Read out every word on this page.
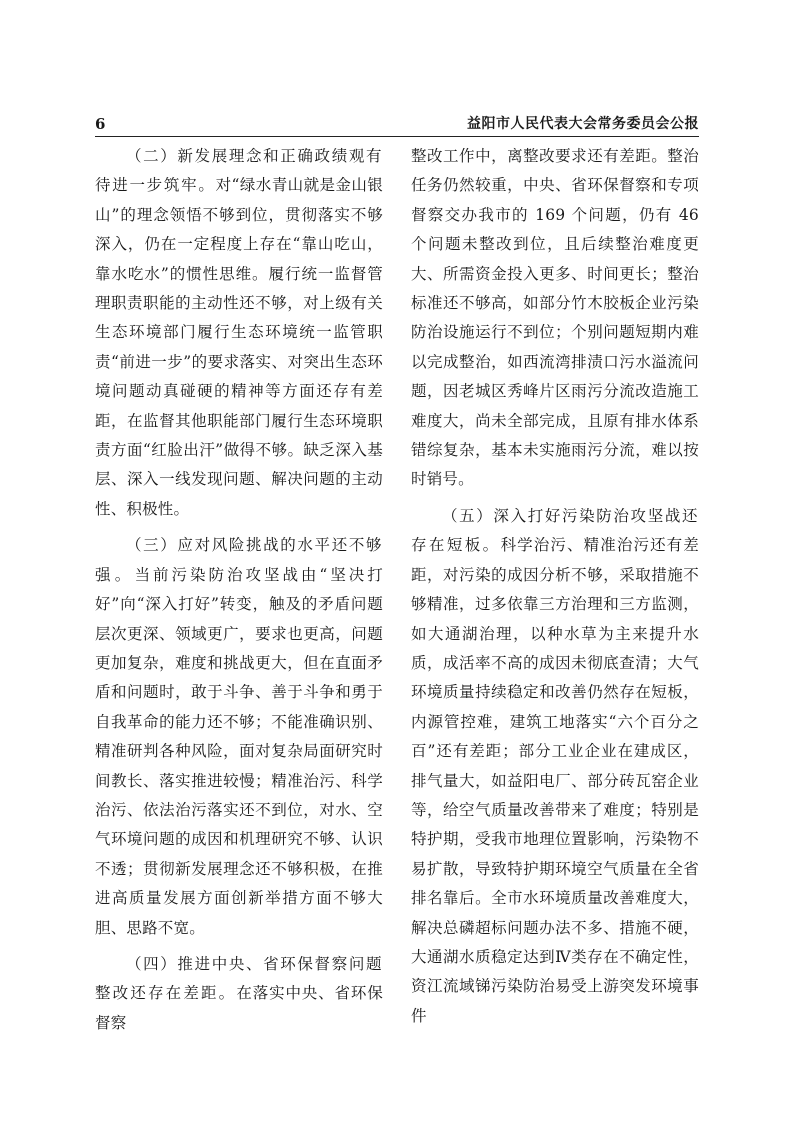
6	益阳市人民代表大会常务委员会公报

（二）新发展理念和正确政绩观有待进一步筑牢。对“绿水青山就是金山银山”的理念领悟不够到位，贯彻落实不够深入，仍在一定程度上存在“靠山吃山，靠水吃水”的惯性思维。履行统一监督管理职责职能的主动性还不够，对上级有关生态环境部门履行生态环境统一监管职责“前进一步”的要求落实、对突出生态环境问题动真碰硬的精神等方面还存有差距，在监督其他职能部门履行生态环境职责方面“红脸出汗”做得不够。缺乏深入基层、深入一线发现问题、解决问题的主动性、积极性。

（三）应对风险挑战的水平还不够强。当前污染防治攻坚战由“坚决打好”向“深入打好”转变，触及的矛盾问题层次更深、领域更广，要求也更高，问题更加复杂，难度和挑战更大，但在直面矛盾和问题时，敢于斗争、善于斗争和勇于自我革命的能力还不够；不能准确识别、精准研判各种风险，面对复杂局面研究时间教长、落实推进较慢；精准治污、科学治污、依法治污落实还不到位，对水、空气环境问题的成因和机理研究不够、认识不透；贯彻新发展理念还不够积极，在推进高质量发展方面创新举措方面不够大胆、思路不宽。

（四）推进中央、省环保督察问题整改还存在差距。在落实中央、省环保督察

整改工作中，离整改要求还有差距。整治任务仍然较重，中央、省环保督察和专项督察交办我市的 169 个问题，仍有 46 个问题未整改到位，且后续整治难度更大、所需资金投入更多、时间更长；整治标准还不够高，如部分竹木胶板企业污染防治设施运行不到位；个别问题短期内难以完成整治，如西流湾排渍口污水溢流问题，因老城区秀峰片区雨污分流改造施工难度大，尚未全部完成，且原有排水体系错综复杂，基本未实施雨污分流，难以按时销号。

（五）深入打好污染防治攻坚战还存在短板。科学治污、精准治污还有差距，对污染的成因分析不够，采取措施不够精准，过多依靠三方治理和三方监测，如大通湖治理，以种水草为主来提升水质，成活率不高的成因未彻底查清；大气环境质量持续稳定和改善仍然存在短板，内源管控难，建筑工地落实“六个百分之百”还有差距；部分工业企业在建成区，排气量大，如益阳电厂、部分砖瓦窑企业等，给空气质量改善带来了难度；特别是特护期，受我市地理位置影响，污染物不易扩散，导致特护期环境空气质量在全省排名靠后。全市水环境质量改善难度大，解决总磷超标问题办法不多、措施不硬，大通湖水质稳定达到Ⅳ类存在不确定性，资江流域锑污染防治易受上游突发环境事件
